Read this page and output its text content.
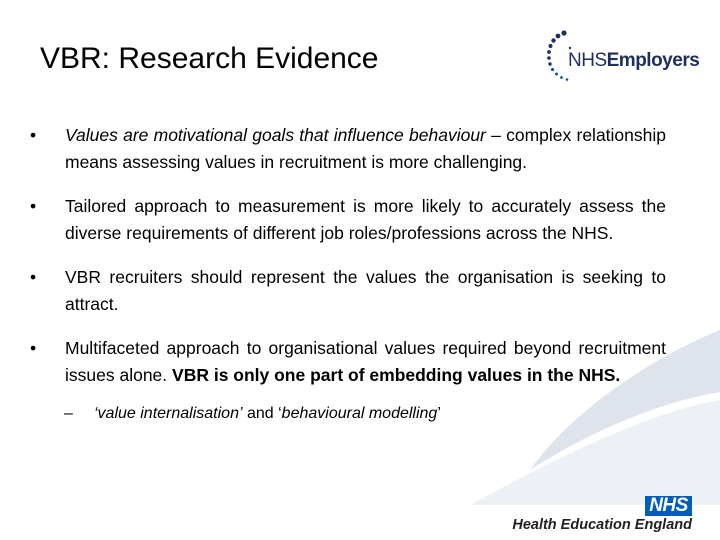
VBR: Research Evidence	NHSEmployers
• Values are motivational goals that influence behaviour – complex relationship means assessing values in recruitment is more challenging.
• Tailored approach to measurement is more likely to accurately assess the diverse requirements of different job roles/professions across the NHS.
• VBR recruiters should represent the values the organisation is seeking to attract.
• Multifaceted approach to organisational values required beyond recruitment issues alone. VBR is only one part of embedding values in the NHS.
– ‘value internalisation’ and ‘behavioural modelling’
NHS
Health Education England
